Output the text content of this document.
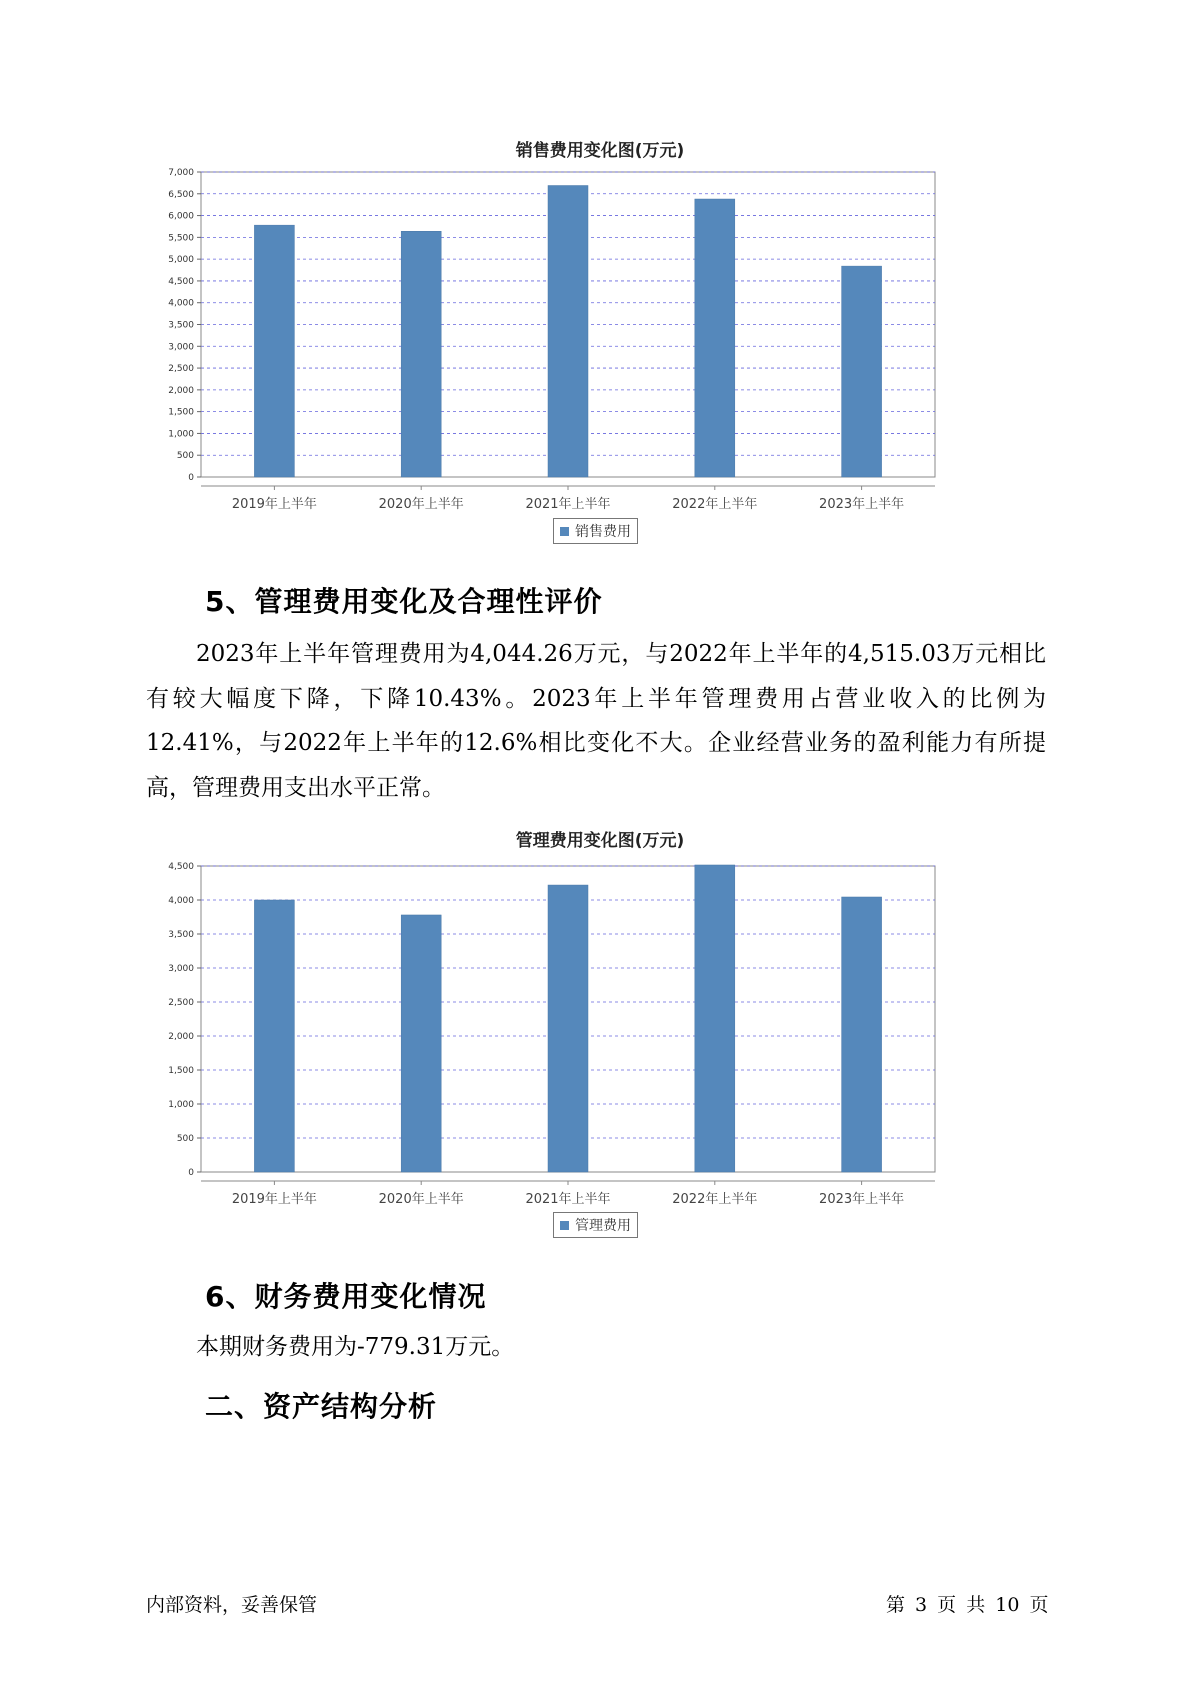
销售费用变化图(万元)
0
500
1,000
1,500
2,000
2,500
3,000
3,500
4,000
4,500
5,000
5,500
6,000
6,500
7,000
2019年上半年	2020年上半年	2021年上半年	2022年上半年	2023年上半年
销售费用
5、管理费用变化及合理性评价
2023年上半年管理费用为4,044.26万元，与2022年上半年的4,515.03万元相比有较大幅度下降，下降10.43%。2023年上半年管理费用占营业收入的比例为12.41%，与2022年上半年的12.6%相比变化不大。企业经营业务的盈利能力有所提高，管理费用支出水平正常。
管理费用变化图(万元)
0
500
1,000
1,500
2,000
2,500
3,000
3,500
4,000
4,500
2019年上半年	2020年上半年	2021年上半年	2022年上半年	2023年上半年
管理费用
6、财务费用变化情况
本期财务费用为-779.31万元。
二、资产结构分析
内部资料，妥善保管	第 3 页 共 10 页
